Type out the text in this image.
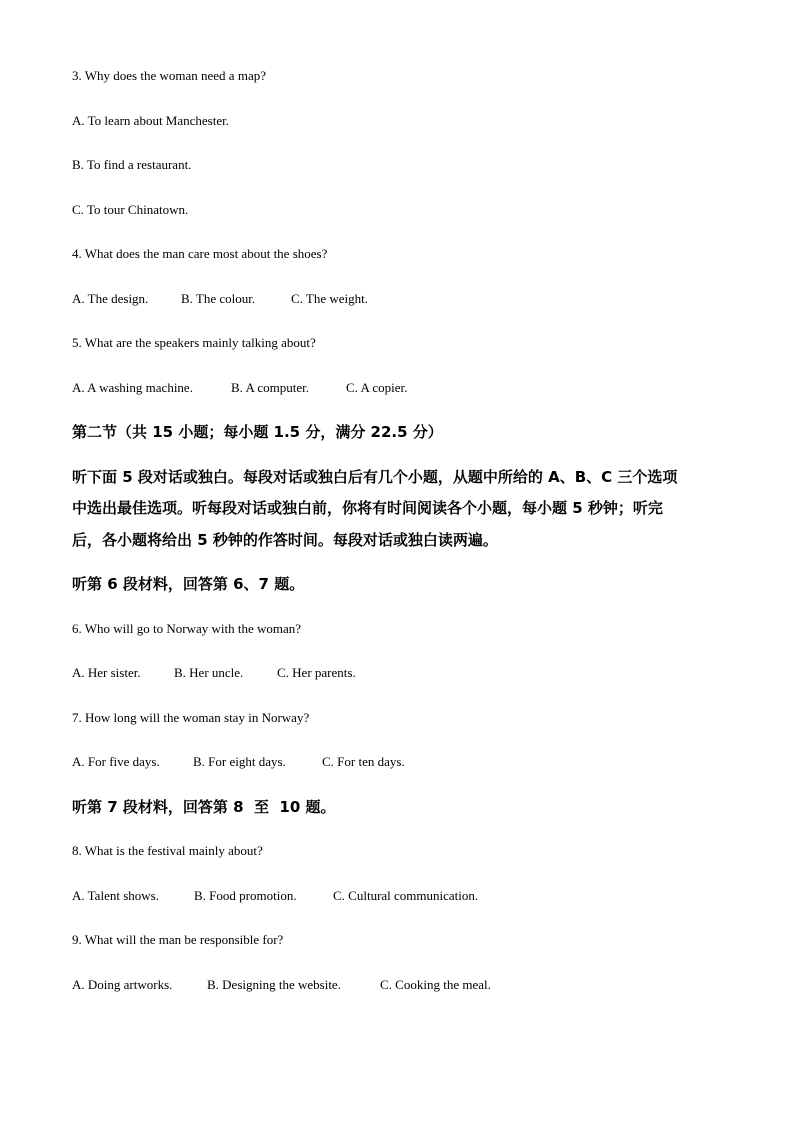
3. Why does the woman need a map?
A. To learn about Manchester.
B. To find a restaurant.
C. To tour Chinatown.
4. What does the man care most about the shoes?
A. The design.	B. The colour.	C. The weight.
5. What are the speakers mainly talking about?
A. A washing machine.	B. A computer.	C. A copier.
第二节（共 15 小题；每小题 1.5 分，满分 22.5 分）
听下面 5 段对话或独白。每段对话或独白后有几个小题，从题中所给的 A、B、C 三个选项
中选出最佳选项。听每段对话或独白前，你将有时间阅读各个小题，每小题 5 秒钟；听完
后，各小题将给出 5 秒钟的作答时间。每段对话或独白读两遍。
听第 6 段材料，回答第 6、7 题。
6. Who will go to Norway with the woman?
A. Her sister.	B. Her uncle.	C. Her parents.
7. How long will the woman stay in Norway?
A. For five days.	B. For eight days.	C. For ten days.
听第 7 段材料，回答第 8  至  10 题。
8. What is the festival mainly about?
A. Talent shows.	B. Food promotion.	C. Cultural communication.
9. What will the man be responsible for?
A. Doing artworks.	B. Designing the website.	C. Cooking the meal.
